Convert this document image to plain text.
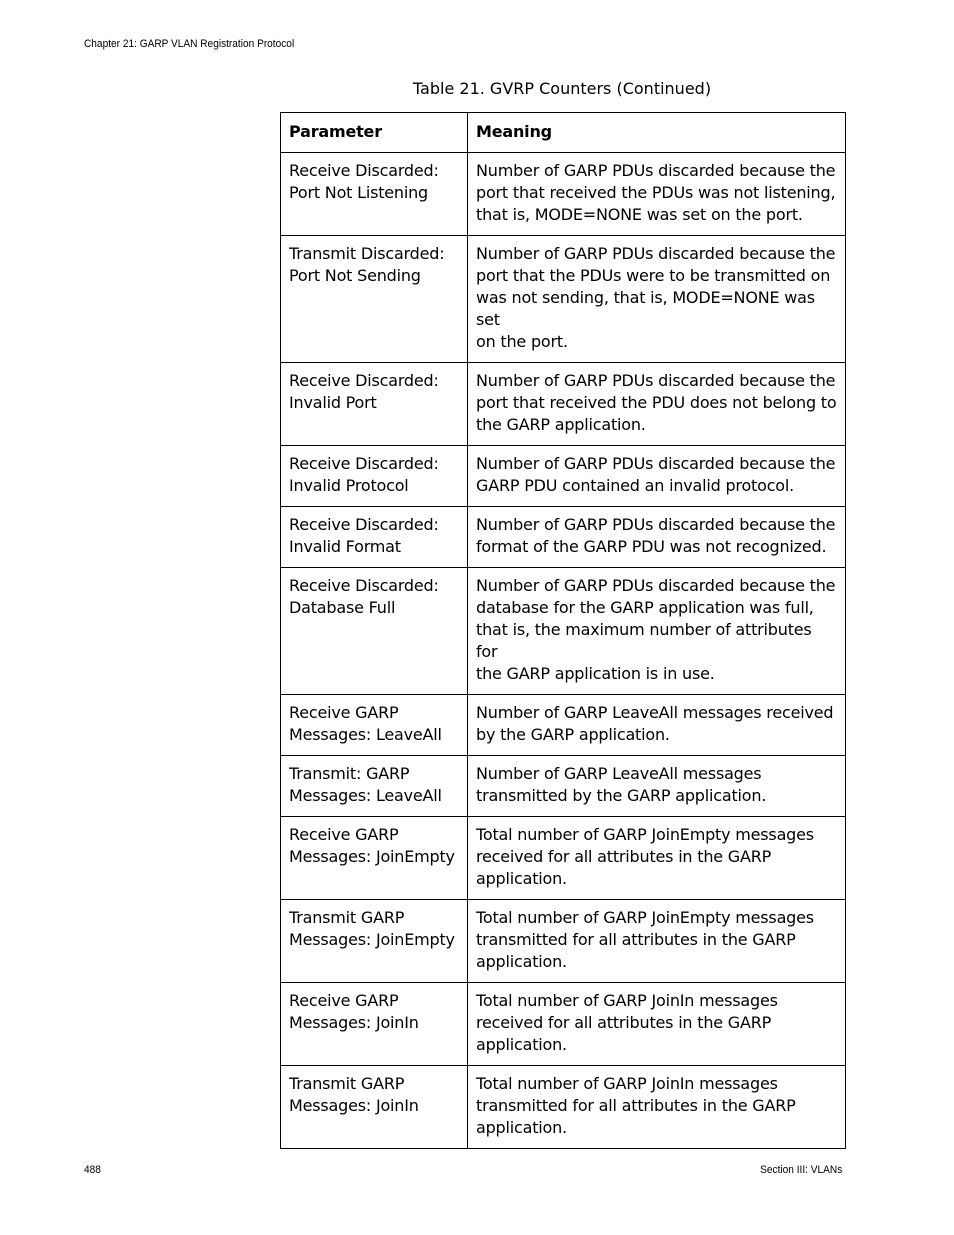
Chapter 21: GARP VLAN Registration Protocol
Table 21. GVRP Counters (Continued)
Parameter	Meaning

Receive Discarded:
Port Not Listening	Number of GARP PDUs discarded because the
port that received the PDUs was not listening,
that is, MODE=NONE was set on the port.

Transmit Discarded:
Port Not Sending	Number of GARP PDUs discarded because the
port that the PDUs were to be transmitted on
was not sending, that is, MODE=NONE was set
on the port.

Receive Discarded:
Invalid Port	Number of GARP PDUs discarded because the
port that received the PDU does not belong to
the GARP application.

Receive Discarded:
Invalid Protocol	Number of GARP PDUs discarded because the
GARP PDU contained an invalid protocol.

Receive Discarded:
Invalid Format	Number of GARP PDUs discarded because the
format of the GARP PDU was not recognized.

Receive Discarded:
Database Full	Number of GARP PDUs discarded because the
database for the GARP application was full,
that is, the maximum number of attributes for
the GARP application is in use.

Receive GARP
Messages: LeaveAll	Number of GARP LeaveAll messages received
by the GARP application.

Transmit: GARP
Messages: LeaveAll	Number of GARP LeaveAll messages
transmitted by the GARP application.

Receive GARP
Messages: JoinEmpty	Total number of GARP JoinEmpty messages
received for all attributes in the GARP
application.

Transmit GARP
Messages: JoinEmpty	Total number of GARP JoinEmpty messages
transmitted for all attributes in the GARP
application.

Receive GARP
Messages: JoinIn	Total number of GARP JoinIn messages
received for all attributes in the GARP
application.

Transmit GARP
Messages: JoinIn	Total number of GARP JoinIn messages
transmitted for all attributes in the GARP
application.
488	Section III: VLANs
